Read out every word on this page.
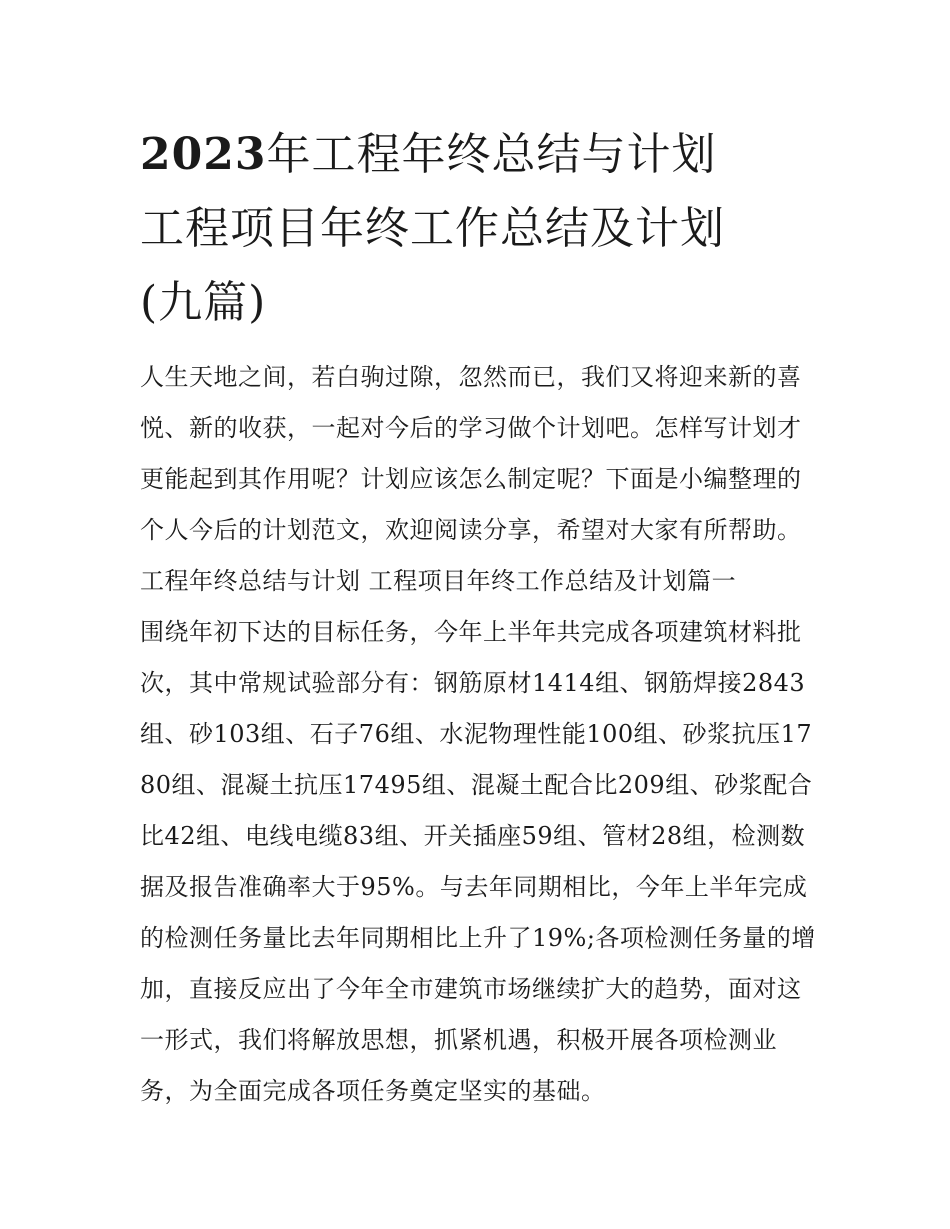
2023年工程年终总结与计划
工程项目年终工作总结及计划
(九篇)

人生天地之间，若白驹过隙，忽然而已，我们又将迎来新的喜悦、新的收获，一起对今后的学习做个计划吧。怎样写计划才更能起到其作用呢？计划应该怎么制定呢？下面是小编整理的个人今后的计划范文，欢迎阅读分享，希望对大家有所帮助。

工程年终总结与计划 工程项目年终工作总结及计划篇一

围绕年初下达的目标任务，今年上半年共完成各项建筑材料批次，其中常规试验部分有：钢筋原材1414组、钢筋焊接2843组、砂103组、石子76组、水泥物理性能100组、砂浆抗压1780组、混凝土抗压17495组、混凝土配合比209组、砂浆配合比42组、电线电缆83组、开关插座59组、管材28组，检测数据及报告准确率大于95%。与去年同期相比，今年上半年完成的检测任务量比去年同期相比上升了19%;各项检测任务量的增加，直接反应出了今年全市建筑市场继续扩大的趋势，面对这一形式，我们将解放思想，抓紧机遇，积极开展各项检测业务，为全面完成各项任务奠定坚实的基础。
